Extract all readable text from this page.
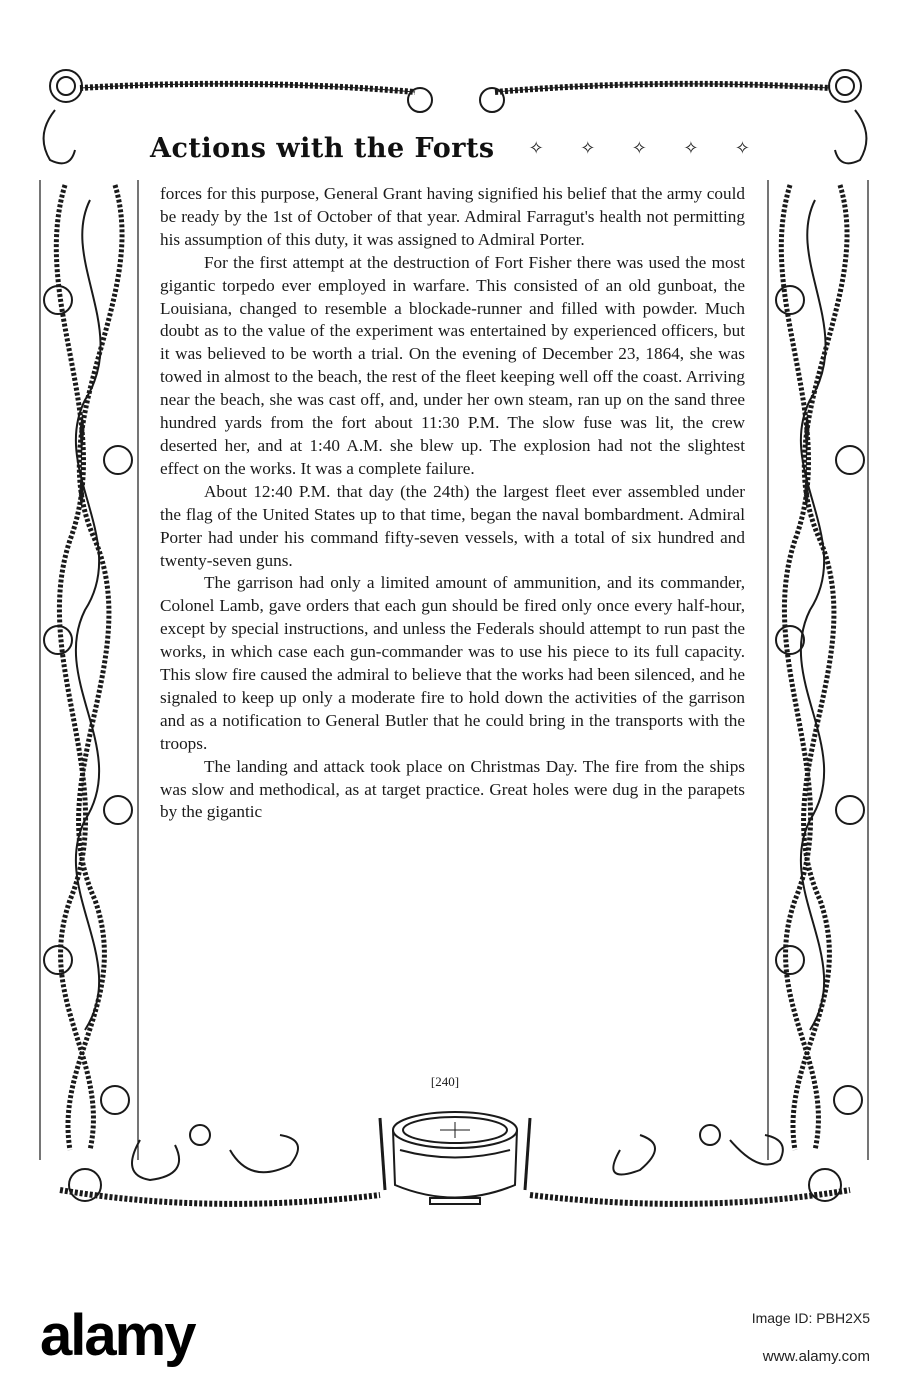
Actions with the Forts ✧ ✧ ✧ ✧ ✧

forces for this purpose, General Grant having signified his belief that the army could be ready by the 1st of October of that year. Admiral Farragut's health not permitting his assumption of this duty, it was assigned to Admiral Porter.

For the first attempt at the destruction of Fort Fisher there was used the most gigantic torpedo ever employed in warfare. This consisted of an old gunboat, the Louisiana, changed to resemble a blockade-runner and filled with powder. Much doubt as to the value of the experiment was entertained by experienced officers, but it was believed to be worth a trial. On the evening of December 23, 1864, she was towed in almost to the beach, the rest of the fleet keeping well off the coast. Arriving near the beach, she was cast off, and, under her own steam, ran up on the sand three hundred yards from the fort about 11:30 P.M. The slow fuse was lit, the crew deserted her, and at 1:40 A.M. she blew up. The explosion had not the slightest effect on the works. It was a complete failure.

About 12:40 P.M. that day (the 24th) the largest fleet ever assembled under the flag of the United States up to that time, began the naval bombardment. Admiral Porter had under his command fifty-seven vessels, with a total of six hundred and twenty-seven guns.

The garrison had only a limited amount of ammunition, and its commander, Colonel Lamb, gave orders that each gun should be fired only once every half-hour, except by special instructions, and unless the Federals should attempt to run past the works, in which case each gun-commander was to use his piece to its full capacity. This slow fire caused the admiral to believe that the works had been silenced, and he signaled to keep up only a moderate fire to hold down the activities of the garrison and as a notification to General Butler that he could bring in the transports with the troops.

The landing and attack took place on Christmas Day. The fire from the ships was slow and methodical, as at target practice. Great holes were dug in the parapets by the gigantic

[240]
alamy	Image ID: PBH2X5
www.alamy.com
